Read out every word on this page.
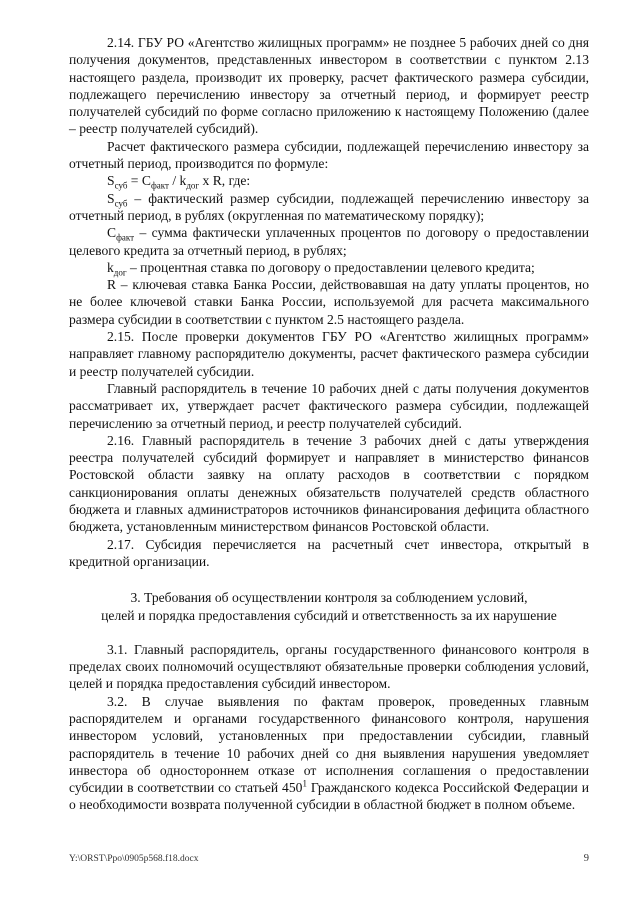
2.14. ГБУ РО «Агентство жилищных программ» не позднее 5 рабочих дней со дня получения документов, представленных инвестором в соответствии с пунктом 2.13 настоящего раздела, производит их проверку, расчет фактического размера субсидии, подлежащего перечислению инвестору за отчетный период, и формирует реестр получателей субсидий по форме согласно приложению к настоящему Положению (далее – реестр получателей субсидий).

Расчет фактического размера субсидии, подлежащей перечислению инвестору за отчетный период, производится по формуле:

$S_{суб} = С_{факт} / k_{дог}$ х R, где:

$S_{суб}$ – фактический размер субсидии, подлежащей перечислению инвестору за отчетный период, в рублях (округленная по математическому порядку);

$С_{факт}$ – сумма фактически уплаченных процентов по договору о предоставлении целевого кредита за отчетный период, в рублях;

$k_{дог}$ – процентная ставка по договору о предоставлении целевого кредита;

R – ключевая ставка Банка России, действовавшая на дату уплаты процентов, но не более ключевой ставки Банка России, используемой для расчета максимального размера субсидии в соответствии с пунктом 2.5 настоящего раздела.

2.15. После проверки документов ГБУ РО «Агентство жилищных программ» направляет главному распорядителю документы, расчет фактического размера субсидии и реестр получателей субсидии.

Главный распорядитель в течение 10 рабочих дней с даты получения документов рассматривает их, утверждает расчет фактического размера субсидии, подлежащей перечислению за отчетный период, и реестр получателей субсидий.

2.16. Главный распорядитель в течение 3 рабочих дней с даты утверждения реестра получателей субсидий формирует и направляет в министерство финансов Ростовской области заявку на оплату расходов в соответствии с порядком санкционирования оплаты денежных обязательств получателей средств областного бюджета и главных администраторов источников финансирования дефицита областного бюджета, установленным министерством финансов Ростовской области.

2.17. Субсидия перечисляется на расчетный счет инвестора, открытый в кредитной организации.

3. Требования об осуществлении контроля за соблюдением условий,

целей и порядка предоставления субсидий и ответственность за их нарушение

3.1. Главный распорядитель, органы государственного финансового контроля в пределах своих полномочий осуществляют обязательные проверки соблюдения условий, целей и порядка предоставления субсидий инвестором.

3.2. В случае выявления по фактам проверок, проведенных главным распорядителем и органами государственного финансового контроля, нарушения инвестором условий, установленных при предоставлении субсидии, главный распорядитель в течение 10 рабочих дней со дня выявления нарушения уведомляет инвестора об одностороннем отказе от исполнения соглашения о предоставлении субсидии в соответствии со статьей $450^1$ Гражданского кодекса Российской Федерации и о необходимости возврата полученной субсидии в областной бюджет в полном объеме.

Y:\ORST\Ppo\0905p568.f18.docx	9
